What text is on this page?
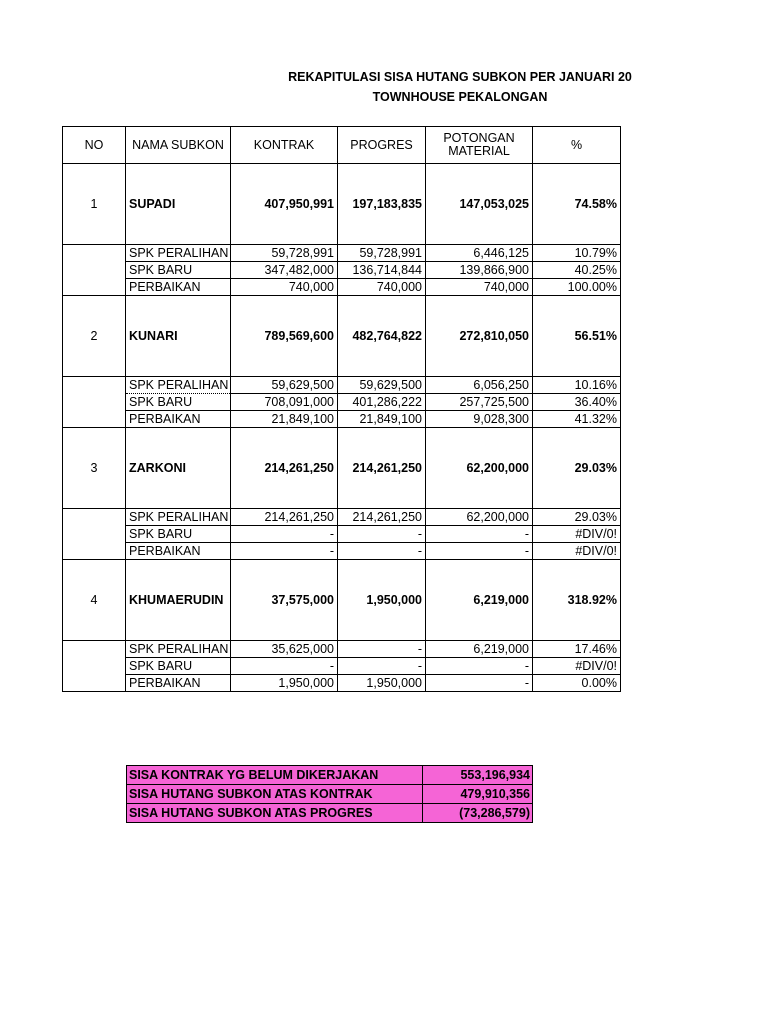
REKAPITULASI SISA HUTANG SUBKON PER JANUARI 20
TOWNHOUSE PEKALONGAN
NO	NAMA SUBKON	KONTRAK	PROGRES	POTONGAN MATERIAL	%
1	SUPADI	407,950,991	197,183,835	147,053,025	74.58%
	SPK PERALIHAN	59,728,991	59,728,991	6,446,125	10.79%
	SPK BARU	347,482,000	136,714,844	139,866,900	40.25%
	PERBAIKAN	740,000	740,000	740,000	100.00%
2	KUNARI	789,569,600	482,764,822	272,810,050	56.51%
	SPK PERALIHAN	59,629,500	59,629,500	6,056,250	10.16%
	SPK BARU	708,091,000	401,286,222	257,725,500	36.40%
	PERBAIKAN	21,849,100	21,849,100	9,028,300	41.32%
3	ZARKONI	214,261,250	214,261,250	62,200,000	29.03%
	SPK PERALIHAN	214,261,250	214,261,250	62,200,000	29.03%
	SPK BARU	-	-	-	#DIV/0!
	PERBAIKAN	-	-	-	#DIV/0!
4	KHUMAERUDIN	37,575,000	1,950,000	6,219,000	318.92%
	SPK PERALIHAN	35,625,000	-	6,219,000	17.46%
	SPK BARU	-	-	-	#DIV/0!
	PERBAIKAN	1,950,000	1,950,000	-	0.00%
SISA KONTRAK YG BELUM DIKERJAKAN	553,196,934
SISA HUTANG SUBKON ATAS KONTRAK	479,910,356
SISA HUTANG SUBKON ATAS PROGRES	(73,286,579)
